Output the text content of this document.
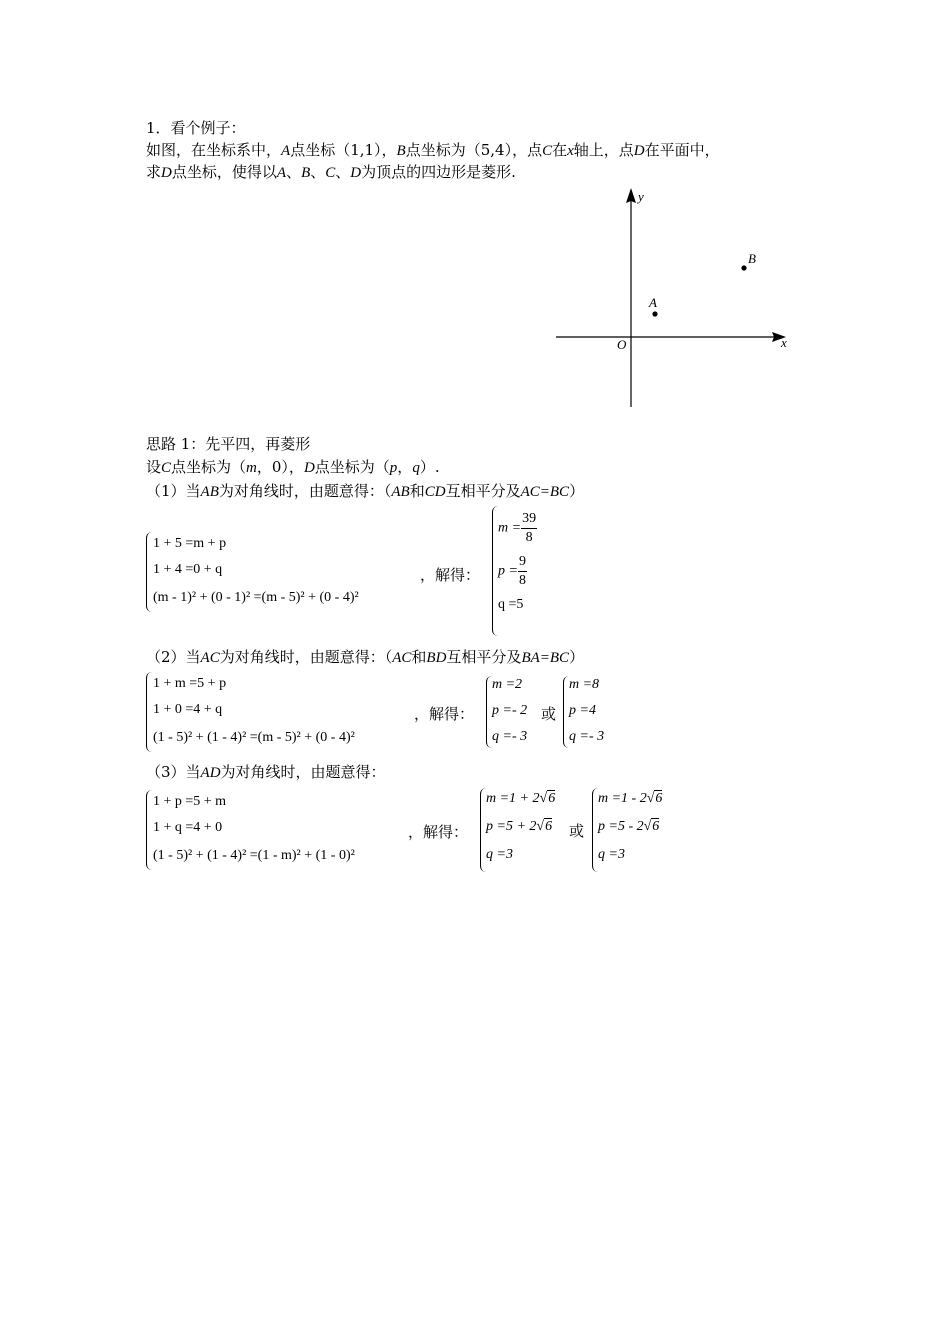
1．看个例子：
如图，在坐标系中，A点坐标（1,1），B点坐标为（5,4），点C在x轴上，点D在平面中，
求D点坐标，使得以A、B、C、D为顶点的四边形是菱形.
x
y
O
A
B
思路 1：先平四，再菱形
设C点坐标为（m，0），D点坐标为（p，q）.
（1）当AB为对角线时，由题意得：（AB和CD互相平分及AC=BC）
1 + 5 =m + p
1 + 4 =0 + q
(m - 1)² + (0 - 1)² =(m - 5)² + (0 - 4)²
，解得：
$m = \frac{39}{8}$
$p = \frac{9}{8}$
q =5
（2）当AC为对角线时，由题意得：（AC和BD互相平分及BA=BC）
1 + m =5 + p
1 + 0 =4 + q
(1 - 5)² + (1 - 4)² =(m - 5)² + (0 - 4)²
，解得：
m =2
p =- 2
q =- 3
或
m =8
p =4
q =- 3
（3）当AD为对角线时，由题意得：
1 + p =5 + m
1 + q =4 + 0
(1 - 5)² + (1 - 4)² =(1 - m)² + (1 - 0)²
，解得：
m =1 + 2√6
p =5 + 2√6
q =3
或
m =1 - 2√6
p =5 - 2√6
q =3
